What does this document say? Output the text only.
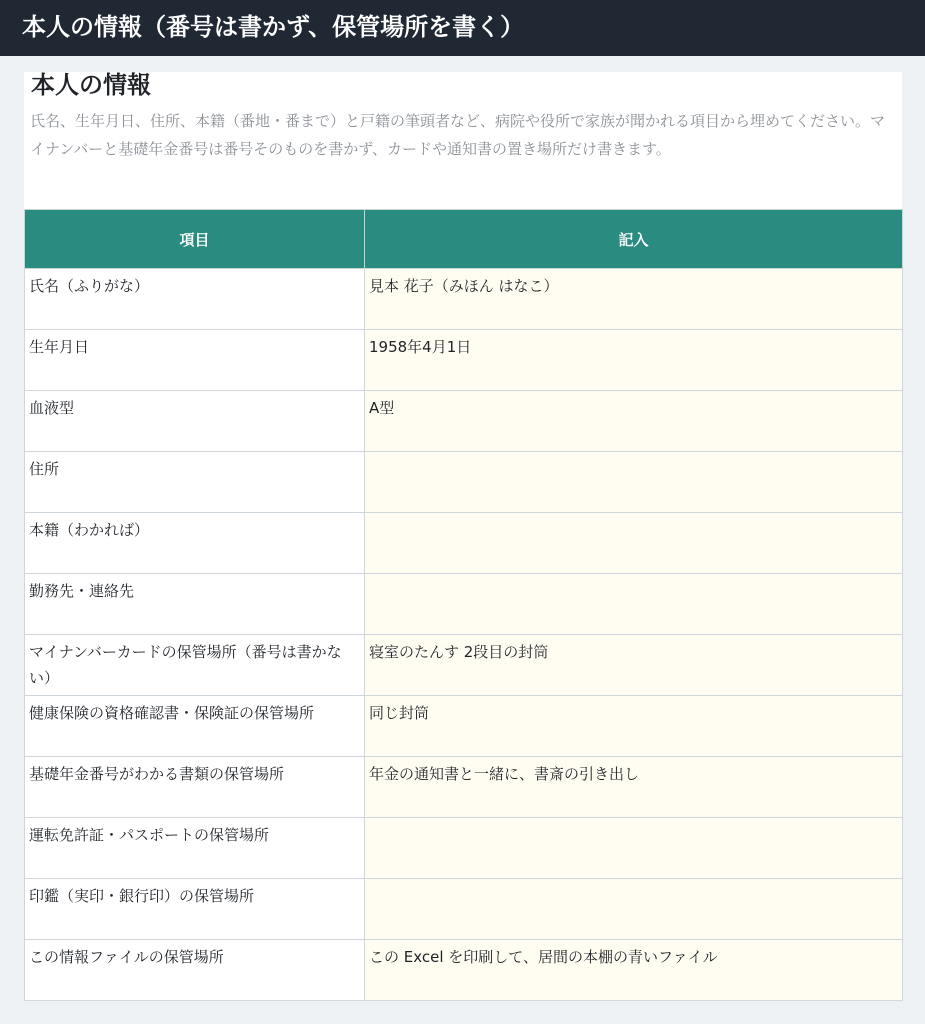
本人の情報（番号は書かず、保管場所を書く）
本人の情報
氏名、生年月日、住所、本籍（番地・番まで）と戸籍の筆頭者など、病院や役所で家族が聞かれる項目から埋めてください。マイナンバーと基礎年金番号は番号そのものを書かず、カードや通知書の置き場所だけ書きます。
項目	記入
氏名（ふりがな）	見本 花子（みほん はなこ）
生年月日	1958年4月1日
血液型	A型
住所	
本籍（わかれば）	
勤務先・連絡先	
マイナンバーカードの保管場所（番号は書かない）	寝室のたんす 2段目の封筒
健康保険の資格確認書・保険証の保管場所	同じ封筒
基礎年金番号がわかる書類の保管場所	年金の通知書と一緒に、書斎の引き出し
運転免許証・パスポートの保管場所	
印鑑（実印・銀行印）の保管場所	
この情報ファイルの保管場所	この Excel を印刷して、居間の本棚の青いファイル
